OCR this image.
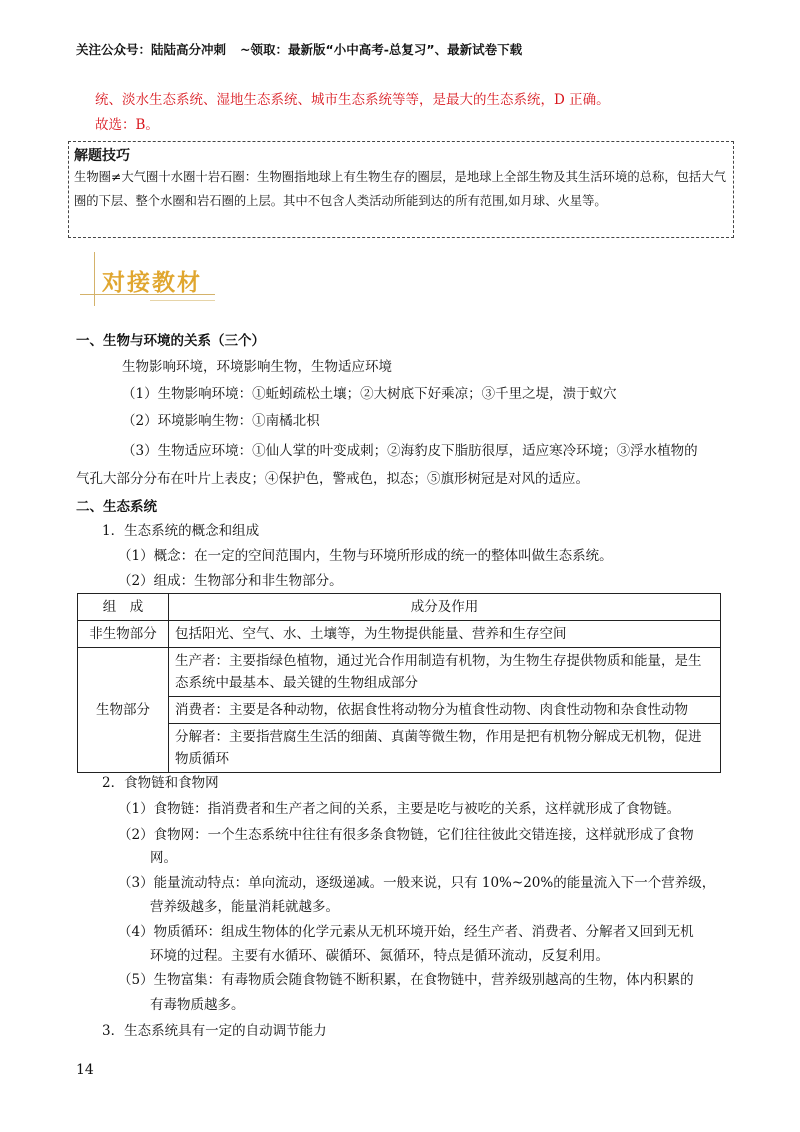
关注公众号：陆陆高分冲刺 ~领取：最新版“小中高考-总复习”、最新试卷下载
统、淡水生态系统、湿地生态系统、城市生态系统等等，是最大的生态系统，D 正确。
故选：B。
解题技巧
生物圈≠大气圈十水圈十岩石圈：生物圈指地球上有生物生存的圈层，是地球上全部生物及其生活环境的总称，包括大气圈的下层、整个水圈和岩石圈的上层。其中不包含人类活动所能到达的所有范围,如月球、火星等。
对接教材
一、生物与环境的关系（三个）
生物影响环境，环境影响生物，生物适应环境
（1）生物影响环境：①蚯蚓疏松土壤；②大树底下好乘凉；③千里之堤，溃于蚁穴
（2）环境影响生物：①南橘北枳
（3）生物适应环境：①仙人掌的叶变成刺；②海豹皮下脂肪很厚，适应寒冷环境；③浮水植物的
气孔大部分分布在叶片上表皮；④保护色，警戒色，拟态；⑤旗形树冠是对风的适应。
二、生态系统
1．生态系统的概念和组成
（1）概念：在一定的空间范围内，生物与环境所形成的统一的整体叫做生态系统。
（2）组成：生物部分和非生物部分。
组　成	成分及作用
非生物部分	包括阳光、空气、水、土壤等，为生物提供能量、营养和生存空间
生物部分	生产者：主要指绿色植物，通过光合作用制造有机物，为生物生存提供物质和能量，是生态系统中最基本、最关键的生物组成部分
	消费者：主要是各种动物，依据食性将动物分为植食性动物、肉食性动物和杂食性动物
	分解者：主要指营腐生生活的细菌、真菌等微生物，作用是把有机物分解成无机物，促进物质循环
2．食物链和食物网
（1）食物链：指消费者和生产者之间的关系，主要是吃与被吃的关系，这样就形成了食物链。
（2）食物网：一个生态系统中往往有很多条食物链，它们往往彼此交错连接，这样就形成了食物
网。
（3）能量流动特点：单向流动，逐级递减。一般来说，只有 10%~20%的能量流入下一个营养级，
营养级越多，能量消耗就越多。
（4）物质循环：组成生物体的化学元素从无机环境开始，经生产者、消费者、分解者又回到无机
环境的过程。主要有水循环、碳循环、氮循环，特点是循环流动，反复利用。
（5）生物富集：有毒物质会随食物链不断积累，在食物链中，营养级别越高的生物，体内积累的
有毒物质越多。
3．生态系统具有一定的自动调节能力
14
